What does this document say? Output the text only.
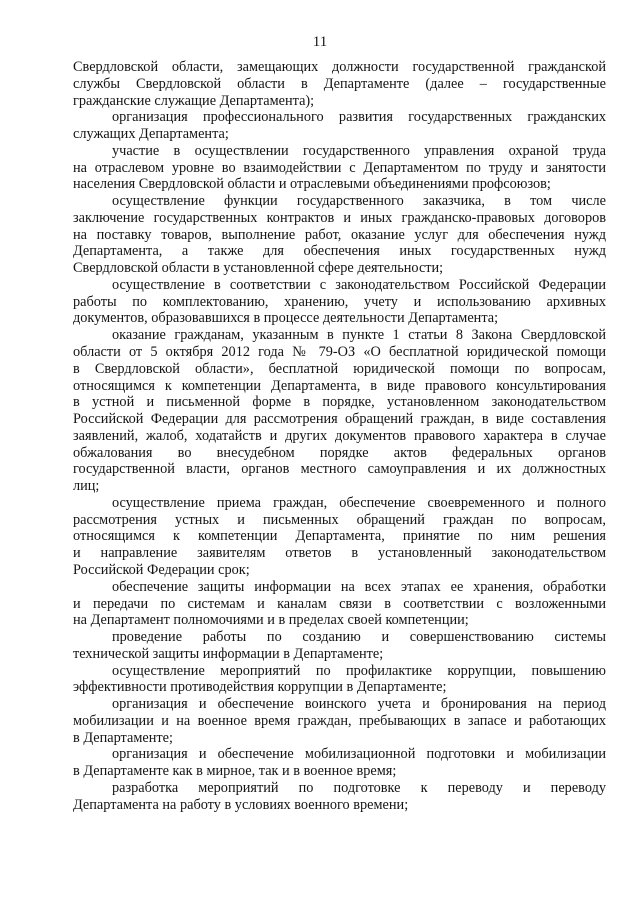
11
Свердловской области, замещающих должности государственной гражданской
службы Свердловской области в Департаменте (далее – государственные
гражданские служащие Департамента);
организация профессионального развития государственных гражданских
служащих Департамента;
участие в осуществлении государственного управления охраной труда
на отраслевом уровне во взаимодействии с Департаментом по труду и занятости
населения Свердловской области и отраслевыми объединениями профсоюзов;
осуществление функции государственного заказчика, в том числе
заключение государственных контрактов и иных гражданско-правовых договоров
на поставку товаров, выполнение работ, оказание услуг для обеспечения нужд
Департамента, а также для обеспечения иных государственных нужд
Свердловской области в установленной сфере деятельности;
осуществление в соответствии с законодательством Российской Федерации
работы по комплектованию, хранению, учету и использованию архивных
документов, образовавшихся в процессе деятельности Департамента;
оказание гражданам, указанным в пункте 1 статьи 8 Закона Свердловской
области от 5 октября 2012 года № 79-ОЗ «О бесплатной юридической помощи
в Свердловской области», бесплатной юридической помощи по вопросам,
относящимся к компетенции Департамента, в виде правового консультирования
в устной и письменной форме в порядке, установленном законодательством
Российской Федерации для рассмотрения обращений граждан, в виде составления
заявлений, жалоб, ходатайств и других документов правового характера в случае
обжалования во внесудебном порядке актов федеральных органов
государственной власти, органов местного самоуправления и их должностных
лиц;
осуществление приема граждан, обеспечение своевременного и полного
рассмотрения устных и письменных обращений граждан по вопросам,
относящимся к компетенции Департамента, принятие по ним решения
и направление заявителям ответов в установленный законодательством
Российской Федерации срок;
обеспечение защиты информации на всех этапах ее хранения, обработки
и передачи по системам и каналам связи в соответствии с возложенными
на Департамент полномочиями и в пределах своей компетенции;
проведение работы по созданию и совершенствованию системы
технической защиты информации в Департаменте;
осуществление мероприятий по профилактике коррупции, повышению
эффективности противодействия коррупции в Департаменте;
организация и обеспечение воинского учета и бронирования на период
мобилизации и на военное время граждан, пребывающих в запасе и работающих
в Департаменте;
организация и обеспечение мобилизационной подготовки и мобилизации
в Департаменте как в мирное, так и в военное время;
разработка мероприятий по подготовке к переводу и переводу
Департамента на работу в условиях военного времени;
